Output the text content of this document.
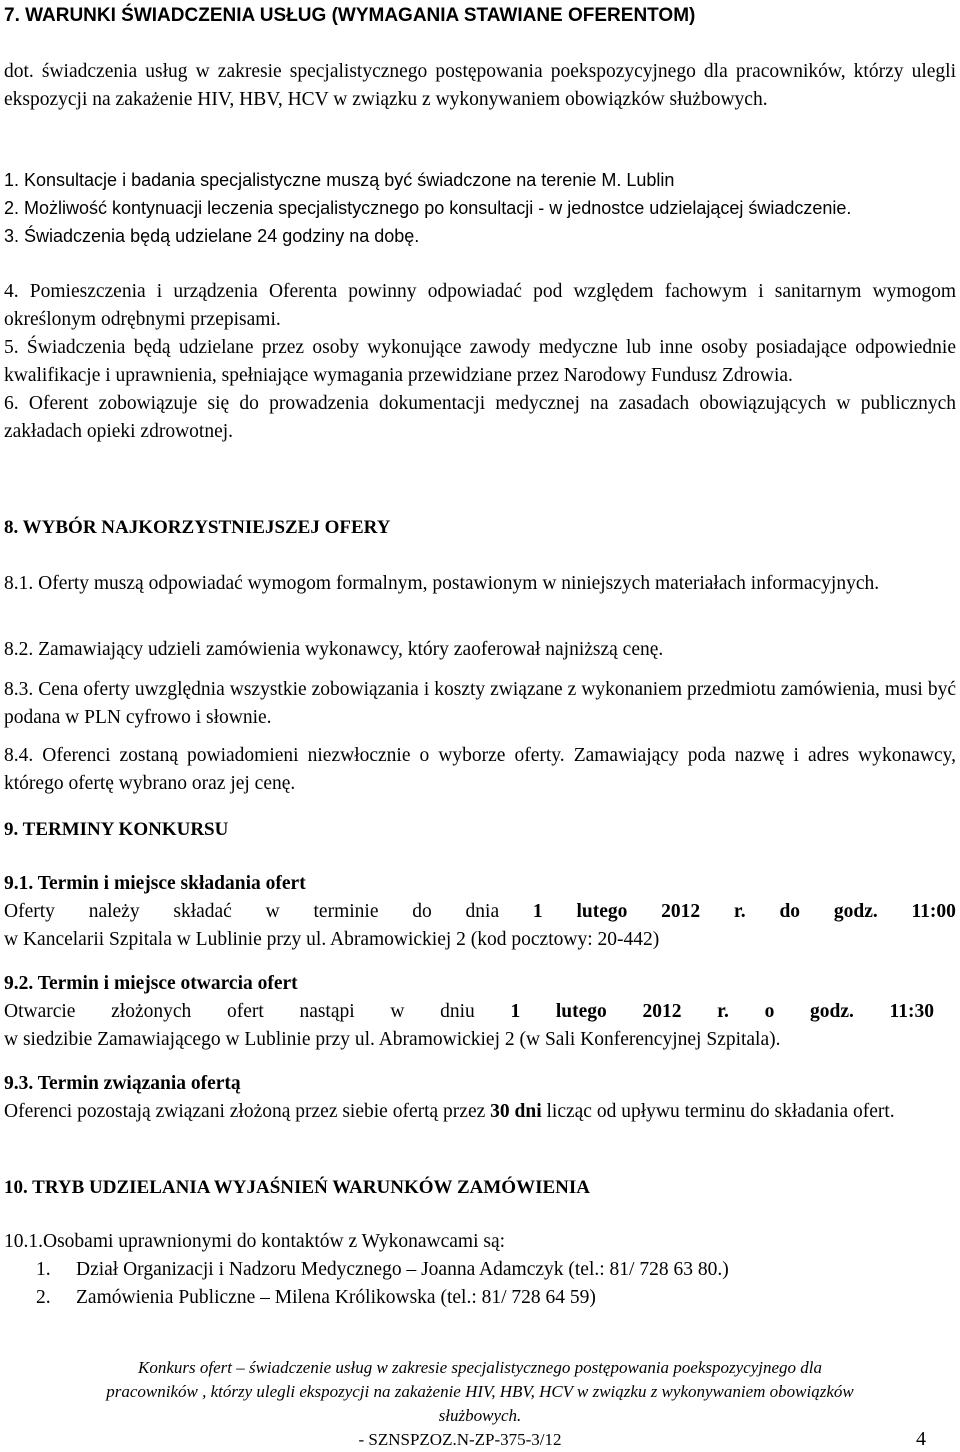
7. WARUNKI ŚWIADCZENIA USŁUG (WYMAGANIA STAWIANE OFERENTOM)
dot. świadczenia usług w zakresie specjalistycznego postępowania poekspozycyjnego dla pracowników, którzy ulegli ekspozycji na zakażenie HIV, HBV, HCV w związku z wykonywaniem obowiązków służbowych.
1. Konsultacje i badania specjalistyczne muszą być świadczone na terenie M. Lublin
2. Możliwość kontynuacji leczenia specjalistycznego po konsultacji - w jednostce udzielającej świadczenie.
3. Świadczenia będą udzielane 24 godziny na dobę.
4. Pomieszczenia i urządzenia Oferenta powinny odpowiadać pod względem fachowym i sanitarnym wymogom określonym odrębnymi przepisami.
5. Świadczenia będą udzielane przez osoby wykonujące zawody medyczne lub inne osoby posiadające odpowiednie kwalifikacje i uprawnienia, spełniające wymagania przewidziane przez Narodowy Fundusz Zdrowia.
6. Oferent zobowiązuje się do prowadzenia dokumentacji medycznej na zasadach obowiązujących w publicznych zakładach opieki zdrowotnej.
8. WYBÓR NAJKORZYSTNIEJSZEJ OFERY
8.1. Oferty muszą odpowiadać wymogom formalnym, postawionym w niniejszych materiałach informacyjnych.
8.2. Zamawiający udzieli zamówienia wykonawcy, który zaoferował najniższą cenę.
8.3. Cena oferty uwzględnia wszystkie zobowiązania i koszty związane z wykonaniem przedmiotu zamówienia, musi być podana w PLN cyfrowo i słownie.
8.4. Oferenci zostaną powiadomieni niezwłocznie o wyborze oferty. Zamawiający poda nazwę i adres wykonawcy, którego ofertę wybrano oraz jej cenę.
9. TERMINY KONKURSU
9.1. Termin i miejsce składania ofert
Oferty należy składać w terminie do dnia 1 lutego 2012 r. do godz. 11:00
w Kancelarii Szpitala w Lublinie przy ul. Abramowickiej 2 (kod pocztowy: 20-442)
9.2. Termin i miejsce otwarcia ofert
Otwarcie złożonych ofert nastąpi w dniu 1 lutego 2012 r. o godz. 11:30
w siedzibie Zamawiającego w Lublinie przy ul. Abramowickiej 2 (w Sali Konferencyjnej Szpitala).
9.3. Termin związania ofertą
Oferenci pozostają związani złożoną przez siebie ofertą przez 30 dni licząc od upływu terminu do składania ofert.
10. TRYB UDZIELANIA WYJAŚNIEŃ WARUNKÓW ZAMÓWIENIA
10.1.Osobami uprawnionymi do kontaktów z Wykonawcami są:
1. Dział Organizacji i Nadzoru Medycznego – Joanna Adamczyk (tel.: 81/ 728 63 80.)

2. Zamówienia Publiczne – Milena Królikowska (tel.: 81/ 728 64 59)

Konkurs ofert – świadczenie usług w zakresie specjalistycznego postępowania poekspozycyjnego dla
pracowników , którzy ulegli ekspozycji na zakażenie HIV, HBV, HCV w związku z wykonywaniem obowiązków
służbowych.
- SZNSPZOZ.N-ZP-375-3/12	4
